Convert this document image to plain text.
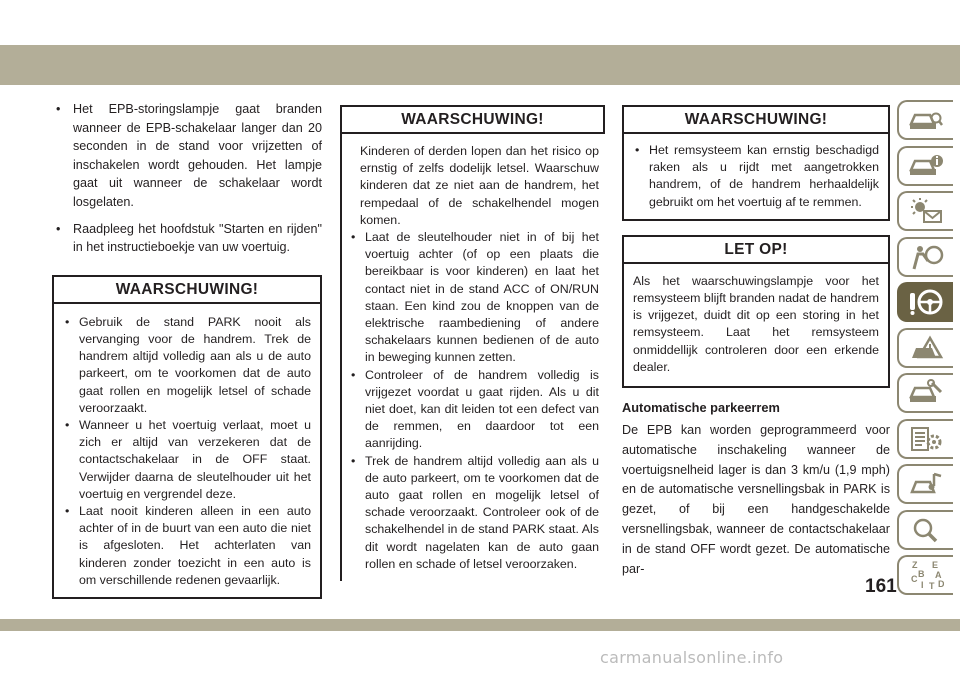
• Het EPB-storingslampje gaat branden wanneer de EPB-schakelaar langer dan 20 seconden in de stand voor vrijzetten of inschakelen wordt gehouden. Het lampje gaat uit wanneer de schakelaar wordt losgelaten.

• Raadpleeg het hoofdstuk "Starten en rijden" in het instructieboekje van uw voertuig.

WAARSCHUWING!

• Gebruik de stand PARK nooit als vervanging voor de handrem. Trek de handrem altijd volledig aan als u de auto parkeert, om te voorkomen dat de auto gaat rollen en mogelijk letsel of schade veroorzaakt.

• Wanneer u het voertuig verlaat, moet u zich er altijd van verzekeren dat de contactschakelaar in de OFF staat. Verwijder daarna de sleutelhouder uit het voertuig en vergrendel deze.

• Laat nooit kinderen alleen in een auto achter of in de buurt van een auto die niet is afgesloten. Het achterlaten van kinderen zonder toezicht in een auto is om verschillende redenen gevaarlijk.

WAARSCHUWING!
Kinderen of derden lopen dan het risico op ernstig of zelfs dodelijk letsel. Waarschuw kinderen dat ze niet aan de handrem, het rempedaal of de schakelhendel mogen komen.

• Laat de sleutelhouder niet in of bij het voertuig achter (of op een plaats die bereikbaar is voor kinderen) en laat het contact niet in de stand ACC of ON/RUN staan. Een kind zou de knoppen van de elektrische raambediening of andere schakelaars kunnen bedienen of de auto in beweging kunnen zetten.

• Controleer of de handrem volledig is vrijgezet voordat u gaat rijden. Als u dit niet doet, kan dit leiden tot een defect van de remmen, en daardoor tot een aanrijding.

• Trek de handrem altijd volledig aan als u de auto parkeert, om te voorkomen dat de auto gaat rollen en mogelijk letsel of schade veroorzaakt. Controleer ook of de schakelhendel in de stand PARK staat. Als dit wordt nagelaten kan de auto gaan rollen en schade of letsel veroorzaken.

WAARSCHUWING!

• Het remsysteem kan ernstig beschadigd raken als u rijdt met aangetrokken handrem, of de handrem herhaaldelijk gebruikt om het voertuig af te remmen.

LET OP!
Als het waarschuwingslampje voor het remsysteem blijft branden nadat de handrem is vrijgezet, duidt dit op een storing in het remsysteem. Laat het remsysteem onmiddellijk controleren door een erkende dealer.
Automatische parkeerrem

De EPB kan worden geprogrammeerd voor automatische inschakeling wanneer de voertuigsnelheid lager is dan 3 km/u (1,9 mph) en de automatische versnellingsbak in PARK is gezet, of bij een handgeschakelde versnellingsbak, wanneer de contactschakelaar in de stand OFF wordt gezet. De automatische par-	Z E
B A
C
I T D
161
carmanualsonline.info
